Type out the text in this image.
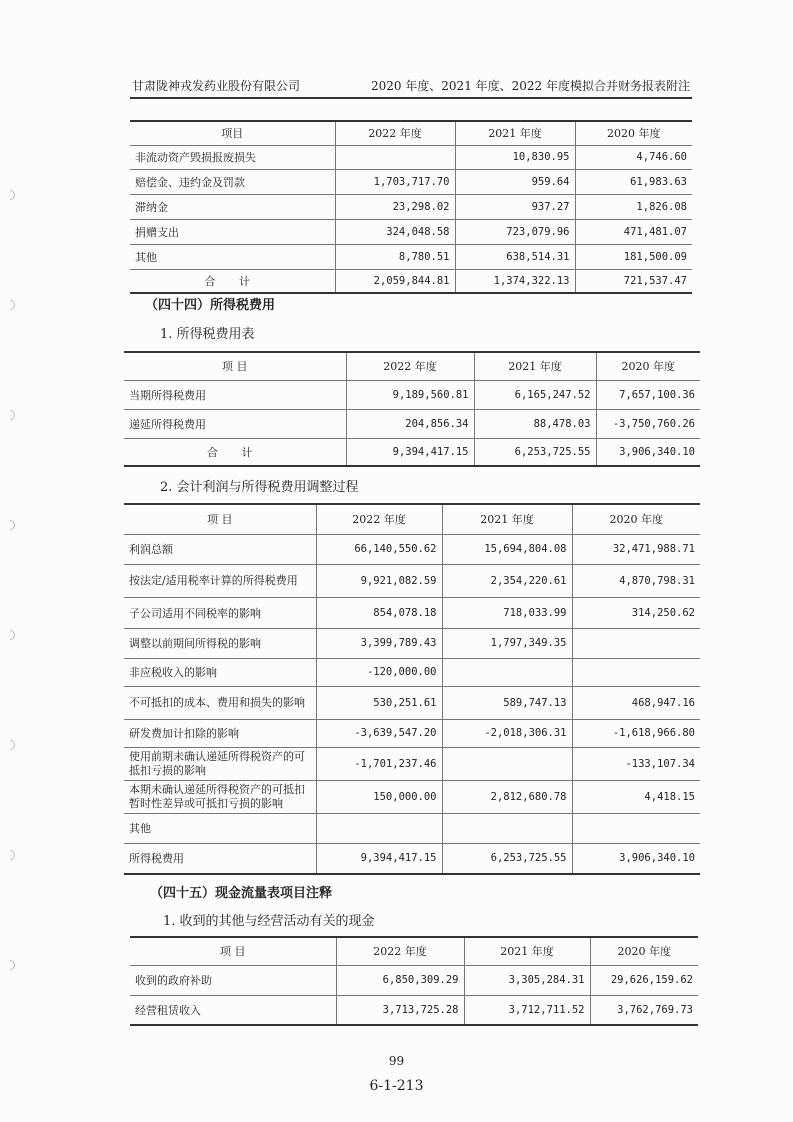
甘肃陇神戎发药业股份有限公司	2020 年度、2021 年度、2022 年度模拟合并财务报表附注
项目	2022 年度	2021 年度	2020 年度
非流动资产毁损报废损失		10,830.95	4,746.60
赔偿金、违约金及罚款	1,703,717.70	959.64	61,983.63
滞纳金	23,298.02	937.27	1,826.08
捐赠支出	324,048.58	723,079.96	471,481.07
其他	8,780.51	638,514.31	181,500.09
合 计	2,059,844.81	1,374,322.13	721,537.47
（四十四）所得税费用
1. 所得税费用表
项 目	2022 年度	2021 年度	2020 年度
当期所得税费用	9,189,560.81	6,165,247.52	7,657,100.36
递延所得税费用	204,856.34	88,478.03	-3,750,760.26
合 计	9,394,417.15	6,253,725.55	3,906,340.10
2. 会计利润与所得税费用调整过程
项 目	2022 年度	2021 年度	2020 年度
利润总额	66,140,550.62	15,694,804.08	32,471,988.71
按法定/适用税率计算的所得税费用	9,921,082.59	2,354,220.61	4,870,798.31
子公司适用不同税率的影响	854,078.18	718,033.99	314,250.62
调整以前期间所得税的影响	3,399,789.43	1,797,349.35	
非应税收入的影响	-120,000.00		
不可抵扣的成本、费用和损失的影响	530,251.61	589,747.13	468,947.16
研发费加计扣除的影响	-3,639,547.20	-2,018,306.31	-1,618,966.80
使用前期未确认递延所得税资产的可抵扣亏损的影响	-1,701,237.46		-133,107.34
本期未确认递延所得税资产的可抵扣暂时性差异或可抵扣亏损的影响	150,000.00	2,812,680.78	4,418.15
其他			
所得税费用	9,394,417.15	6,253,725.55	3,906,340.10
（四十五）现金流量表项目注释
1. 收到的其他与经营活动有关的现金
项 目	2022 年度	2021 年度	2020 年度
收到的政府补助	6,850,309.29	3,305,284.31	29,626,159.62
经营租赁收入	3,713,725.28	3,712,711.52	3,762,769.73
99
6-1-213
